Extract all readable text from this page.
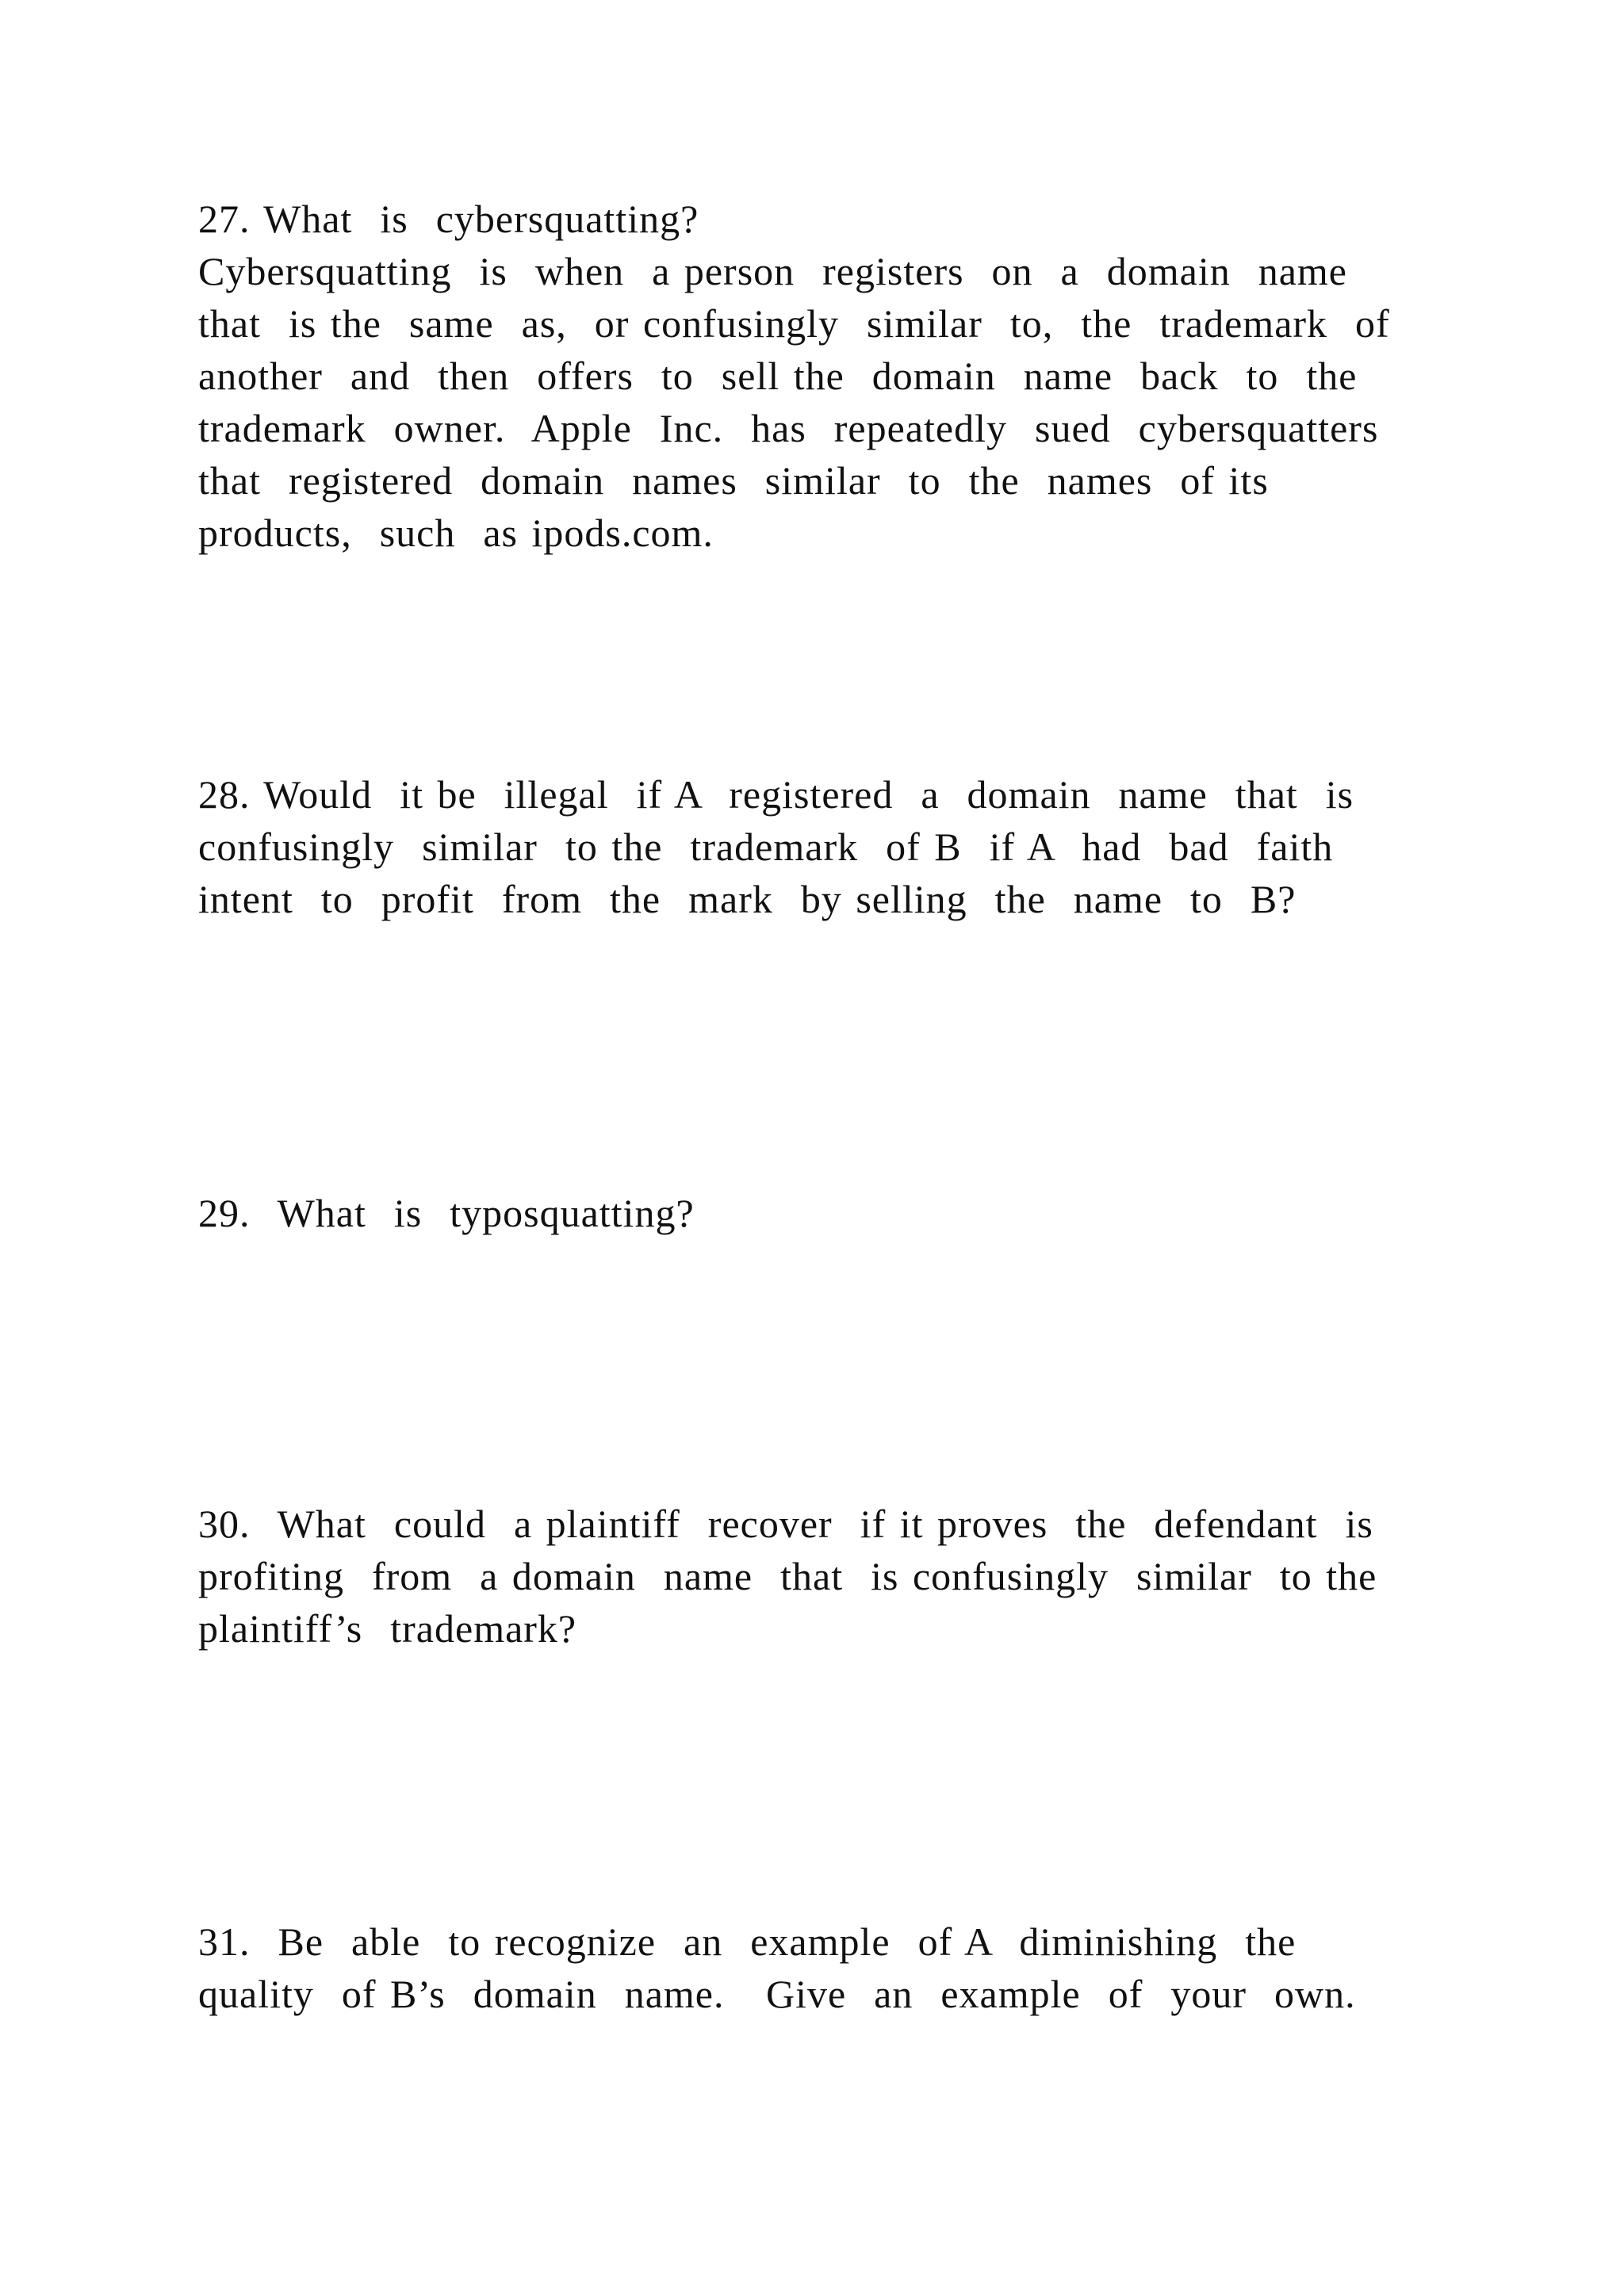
27. What  is  cybersquatting?
Cybersquatting  is  when  a person  registers  on  a  domain  name
that  is the  same  as,  or confusingly  similar  to,  the  trademark  of
another  and  then  offers  to  sell the  domain  name  back  to  the
trademark  owner.  Apple  Inc.  has  repeatedly  sued  cybersquatters
that  registered  domain  names  similar  to  the  names  of its
products,  such  as ipods.com.
28. Would  it be  illegal  if A  registered  a  domain  name  that  is
confusingly  similar  to the  trademark  of B  if A  had  bad  faith
intent  to  profit  from  the  mark  by selling  the  name  to  B?
29.  What  is  typosquatting?
30.  What  could  a plaintiff  recover  if it proves  the  defendant  is
profiting  from  a domain  name  that  is confusingly  similar  to the
plaintiff’s  trademark?
31.  Be  able  to recognize  an  example  of A  diminishing  the
quality  of B’s  domain  name.   Give  an  example  of  your  own.
